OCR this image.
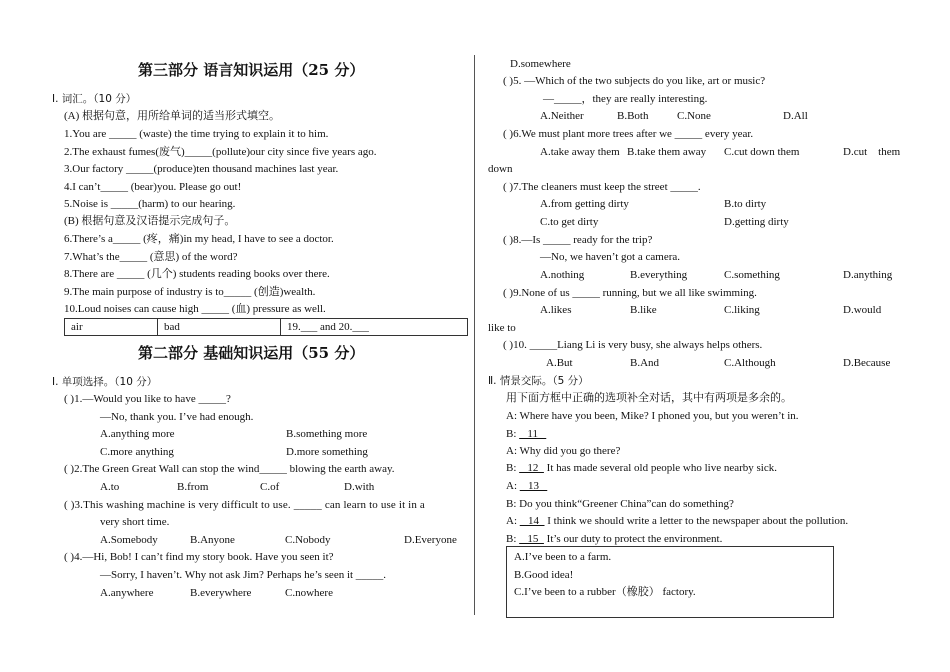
第三部分 语言知识运用（25 分）
Ⅰ. 词汇。（10 分）
(A) 根据句意，用所给单词的适当形式填空。
1.You are _____ (waste) the time trying to explain it to him.
2.The exhaust fumes(废气)_____(pollute)our city since five years ago.
3.Our factory _____(produce)ten thousand machines last year.
4.I can’t_____ (bear)you. Please go out!
5.Noise is _____(harm) to our hearing.
(B) 根据句意及汉语提示完成句子。
6.There’s a_____ (疼，痛)in my head, I have to see a doctor.
7.What’s the_____ (意思) of the word?
8.There are _____ (几个) students reading books over there.
9.The main purpose of industry is to_____ (创造)wealth.
10.Loud noises can cause high _____ (血) pressure as well.
air	bad	19.___ and 20.___
第二部分 基础知识运用（55 分）
Ⅰ. 单项选择。（10 分）
( )1.—Would you like to have _____?
—No, thank you. I’ve had enough.
A.anything more	B.something more
C.more anything	D.more something
( )2.The Green Great Wall can stop the wind_____ blowing the earth away.
A.to	B.from	C.of	D.with
( )3.This washing machine is very difficult to use. _____ can learn to use it in a
very short time.
A.Somebody	B.Anyone	C.Nobody	D.Everyone
( )4.—Hi, Bob! I can’t find my story book. Have you seen it?
—Sorry, I haven’t. Why not ask Jim? Perhaps he’s seen it _____.
A.anywhere	B.everywhere	C.nowhere
D.somewhere
( )5. —Which of the two subjects do you like, art or music?
—_____，they are really interesting.
A.Neither	B.Both	C.None	D.All
( )6.We must plant more trees after we _____ every year.
A.take away them B.take them away C.cut down them	D.cut    them
down
( )7.The cleaners must keep the street _____.
A.from getting dirty	B.to dirty
C.to get dirty	D.getting dirty
( )8.—Is _____ ready for the trip?
—No, we haven’t got a camera.
A.nothing	B.everything	C.something	D.anything
( )9.None of us _____ running, but we all like swimming.
A.likes	B.like	C.liking	D.would
like to
( )10. _____Liang Li is very busy, she always helps others.
A.But	B.And	C.Although	D.Because
Ⅱ. 情景交际。（5 分）
用下面方框中正确的选项补全对话，其中有两项是多余的。
A: Where have you been, Mike? I phoned you, but you weren’t in.
B:    11
A: Why did you go there?
B:    12   It has made several old people who live nearby sick.
A:    13
B: Do you think“Greener China”can do something?
A:    14   I think we should write a letter to the newspaper about the pollution.
B:    15   It’s our duty to protect the environment.
A.I’ve been to a farm.
B.Good idea!
C.I’ve been to a rubber（橡胶） factory.
